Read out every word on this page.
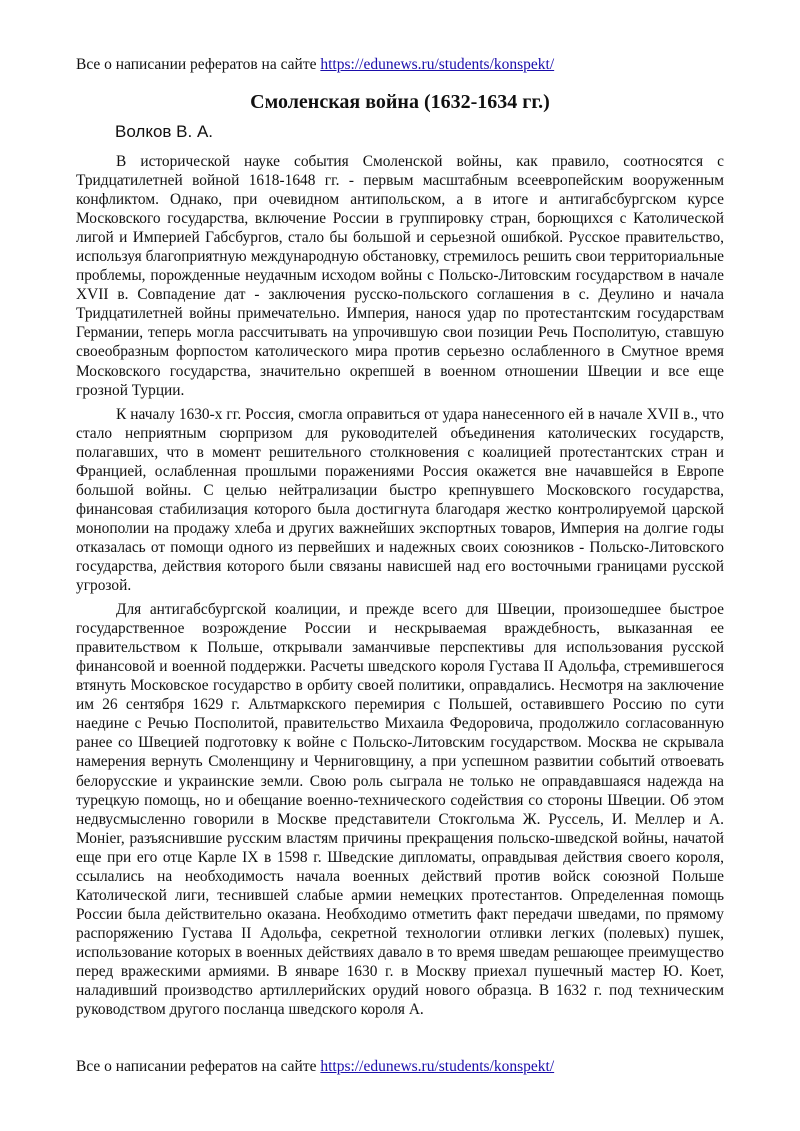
Все о написании рефератов на сайте https://edunews.ru/students/konspekt/
Смоленская война (1632-1634 гг.)
Волков В. А.

В исторической науке события Смоленской войны, как правило, соотносятся с Тридцатилетней войной 1618-1648 гг. - первым масштабным всеевропейским вооруженным конфликтом. Однако, при очевидном антипольском, а в итоге и антигабсбургском курсе Московского государства, включение России в группировку стран, борющихся с Католической лигой и Империей Габсбургов, стало бы большой и серьезной ошибкой. Русское правительство, используя благоприятную международную обстановку, стремилось решить свои территориальные проблемы, порожденные неудачным исходом войны с Польско-Литовским государством в начале XVII в. Совпадение дат - заключения русско-польского соглашения в с. Деулино и начала Тридцатилетней войны примечательно. Империя, нанося удар по протестантским государствам Германии, теперь могла рассчитывать на упрочившую свои позиции Речь Посполитую, ставшую своеобразным форпостом католического мира против серьезно ослабленного в Смутное время Московского государства, значительно окрепшей в военном отношении Швеции и все еще грозной Турции.

К началу 1630-х гг. Россия, смогла оправиться от удара нанесенного ей в начале XVII в., что стало неприятным сюрпризом для руководителей объединения католических государств, полагавших, что в момент решительного столкновения с коалицией протестантских стран и Францией, ослабленная прошлыми поражениями Россия окажется вне начавшейся в Европе большой войны. С целью нейтрализации быстро крепнувшего Московского государства, финансовая стабилизация которого была достигнута благодаря жестко контролируемой царской монополии на продажу хлеба и других важнейших экспортных товаров, Империя на долгие годы отказалась от помощи одного из первейших и надежных своих союзников - Польско-Литовского государства, действия которого были связаны нависшей над его восточными границами русской угрозой.

Для антигабсбургской коалиции, и прежде всего для Швеции, произошедшее быстрое государственное возрождение России и нескрываемая враждебность, выказанная ее правительством к Польше, открывали заманчивые перспективы для использования русской финансовой и военной поддержки. Расчеты шведского короля Густава II Адольфа, стремившегося втянуть Московское государство в орбиту своей политики, оправдались. Несмотря на заключение им 26 сентября 1629 г. Альтмаркского перемирия с Польшей, оставившего Россию по сути наедине с Речью Посполитой, правительство Михаила Федоровича, продолжило согласованную ранее со Швецией подготовку к войне с Польско-Литовским государством. Москва не скрывала намерения вернуть Смоленщину и Черниговщину, а при успешном развитии событий отвоевать белорусские и украинские земли. Свою роль сыграла не только не оправдавшаяся надежда на турецкую помощь, но и обещание военно-технического содействия со стороны Швеции. Об этом недвусмысленно говорили в Москве представители Стокгольма Ж. Руссель, И. Меллер и А. Монier, разъяснившие русским властям причины прекращения польско-шведской войны, начатой еще при его отце Карле IX в 1598 г. Шведские дипломаты, оправдывая действия своего короля, ссылались на необходимость начала военных действий против войск союзной Польше Католической лиги, теснившей слабые армии немецких протестантов. Определенная помощь России была действительно оказана. Необходимо отметить факт передачи шведами, по прямому распоряжению Густава II Адольфа, секретной технологии отливки легких (полевых) пушек, использование которых в военных действиях давало в то время шведам решающее преимущество перед вражескими армиями. В январе 1630 г. в Москву приехал пушечный мастер Ю. Коет, наладивший производство артиллерийских орудий нового образца. В 1632 г. под техническим руководством другого посланца шведского короля А.

Все о написании рефератов на сайте https://edunews.ru/students/konspekt/
